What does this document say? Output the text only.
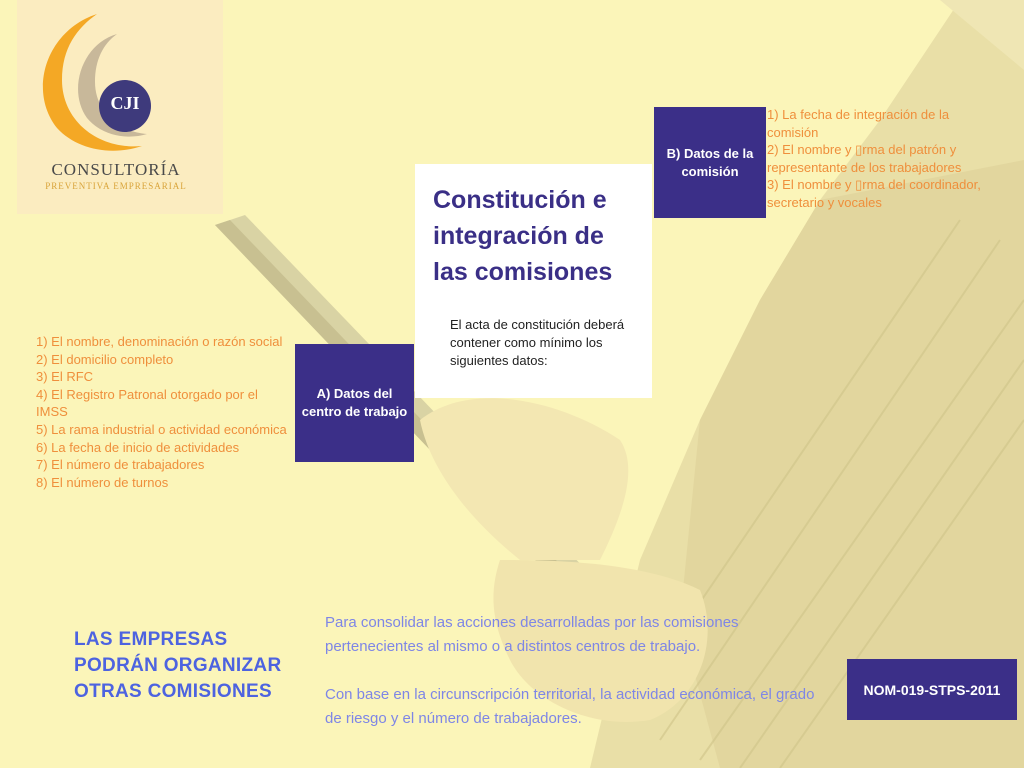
CJI
CONSULTORÍA
PREVENTIVA EMPRESARIAL	Constitución e integración de las comisiones
El acta de constitución deberá contener como mínimo los siguientes datos:
A) Datos del centro de trabajo
1) El nombre, denominación o razón social
2) El domicilio completo
3) El RFC
4) El Registro Patronal otorgado por el IMSS
5) La rama industrial o actividad económica
6) La fecha de inicio de actividades
7) El número de trabajadores
8) El número de turnos
B) Datos de la comisión
1) La fecha de integración de la comisión
2) El nombre y ▯rma del patrón y representante de los trabajadores
3) El nombre y ▯rma del coordinador,
secretario y vocales
LAS EMPRESAS PODRÁN ORGANIZAR OTRAS COMISIONES
Para consolidar las acciones desarrolladas por las comisiones pertenecientes al mismo o a distintos centros de trabajo.
Con base en la circunscripción territorial, la actividad económica, el grado de riesgo y el número de trabajadores.
NOM-019-STPS-2011
